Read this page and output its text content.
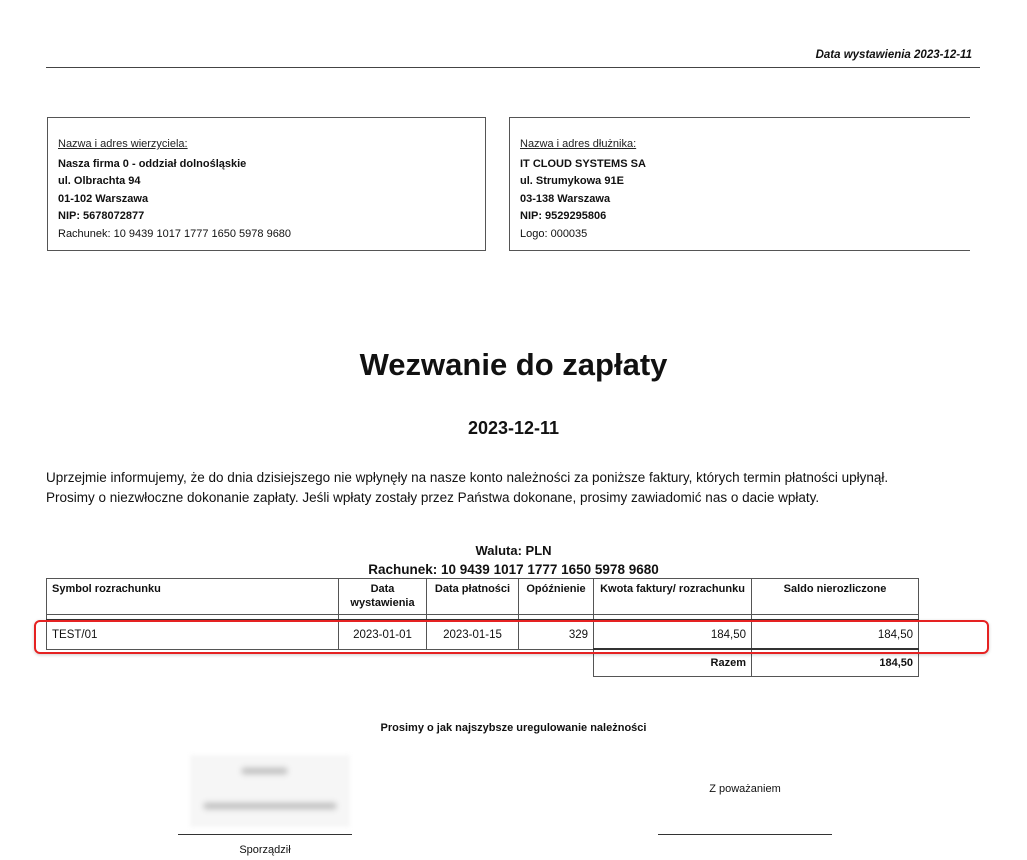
Data wystawienia 2023-12-11
Nazwa i adres wierzyciela:
Nasza firma 0 - oddział dolnośląskie
ul. Olbrachta 94
01-102 Warszawa
NIP: 5678072877
Rachunek: 10 9439 1017 1777 1650 5978 9680
Nazwa i adres dłużnika:
IT CLOUD SYSTEMS SA
ul. Strumykowa 91E
03-138 Warszawa
NIP: 9529295806
Logo: 000035
Wezwanie do zapłaty
2023-12-11
Uprzejmie informujemy, że do dnia dzisiejszego nie wpłynęły na nasze konto należności za poniższe faktury, których termin płatności upłynął.
Prosimy o niezwłoczne dokonanie zapłaty. Jeśli wpłaty zostały przez Państwa dokonane, prosimy zawiadomić nas o dacie wpłaty.
Waluta: PLN
Rachunek: 10 9439 1017 1777 1650 5978 9680
Symbol rozrachunku	Data wystawienia	Data płatności	Opóźnienie	Kwota faktury/ rozrachunku	Saldo nierozliczone

TEST/01	2023-01-01	2023-01-15	329	184,50	184,50
				Razem	184,50
Prosimy o jak najszybsze uregulowanie należności
Z poważaniem
Sporządził
